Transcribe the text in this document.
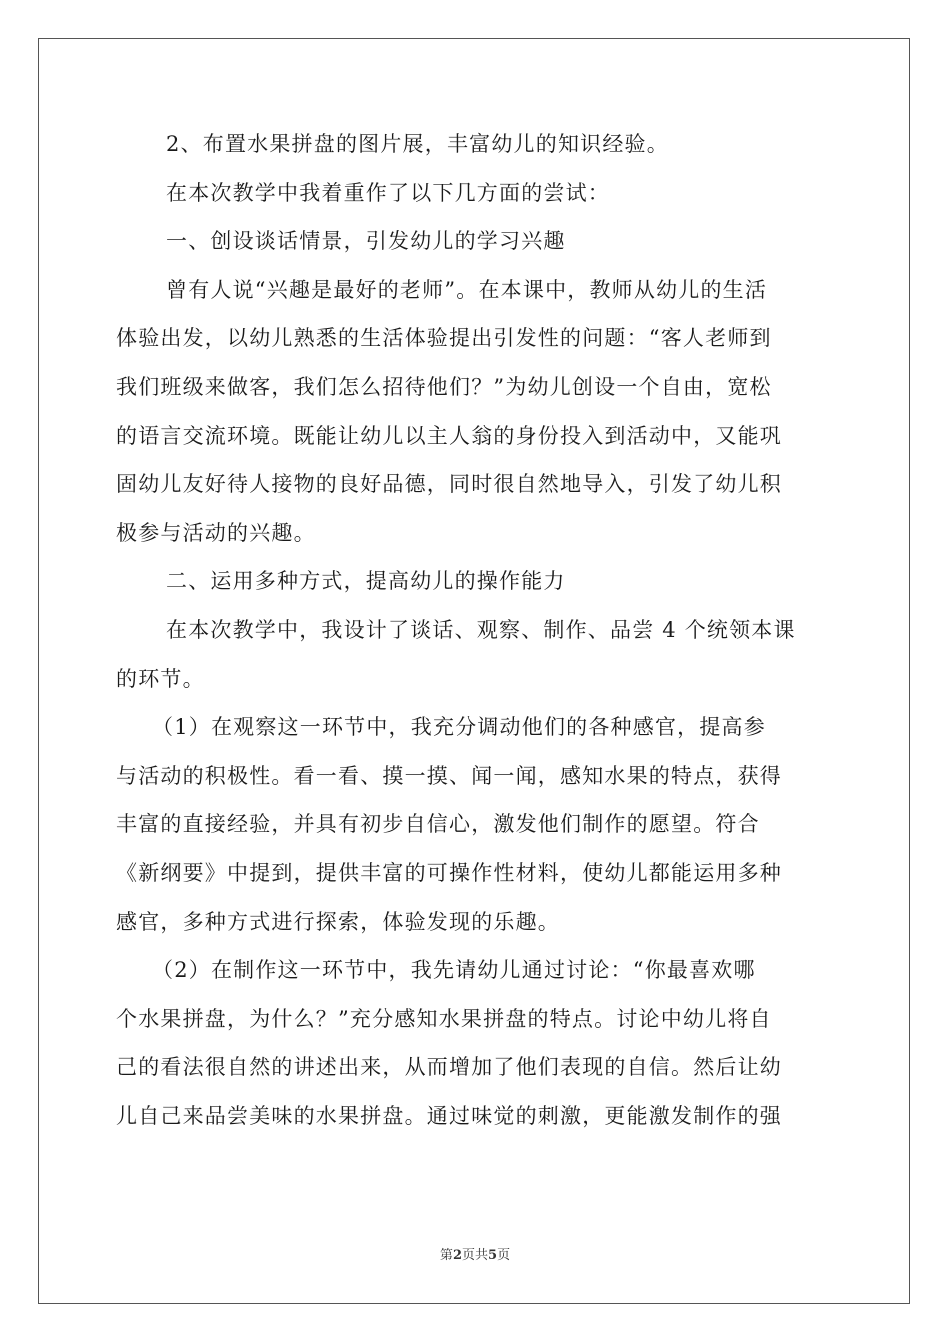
2、布置水果拼盘的图片展，丰富幼儿的知识经验。
在本次教学中我着重作了以下几方面的尝试：
一、创设谈话情景，引发幼儿的学习兴趣
曾有人说“兴趣是最好的老师”。在本课中，教师从幼儿的生活
体验出发，以幼儿熟悉的生活体验提出引发性的问题：“客人老师到
我们班级来做客，我们怎么招待他们？”为幼儿创设一个自由，宽松
的语言交流环境。既能让幼儿以主人翁的身份投入到活动中，又能巩
固幼儿友好待人接物的良好品德，同时很自然地导入，引发了幼儿积
极参与活动的兴趣。
二、运用多种方式，提高幼儿的操作能力
在本次教学中，我设计了谈话、观察、制作、品尝 4 个统领本课
的环节。
（1）在观察这一环节中，我充分调动他们的各种感官，提高参
与活动的积极性。看一看、摸一摸、闻一闻，感知水果的特点，获得
丰富的直接经验，并具有初步自信心，激发他们制作的愿望。符合
《新纲要》中提到，提供丰富的可操作性材料，使幼儿都能运用多种
感官，多种方式进行探索，体验发现的乐趣。
（2）在制作这一环节中，我先请幼儿通过讨论：“你最喜欢哪
个水果拼盘，为什么？”充分感知水果拼盘的特点。讨论中幼儿将自
己的看法很自然的讲述出来，从而增加了他们表现的自信。然后让幼
儿自己来品尝美味的水果拼盘。通过味觉的刺激，更能激发制作的强
第2页共5页
